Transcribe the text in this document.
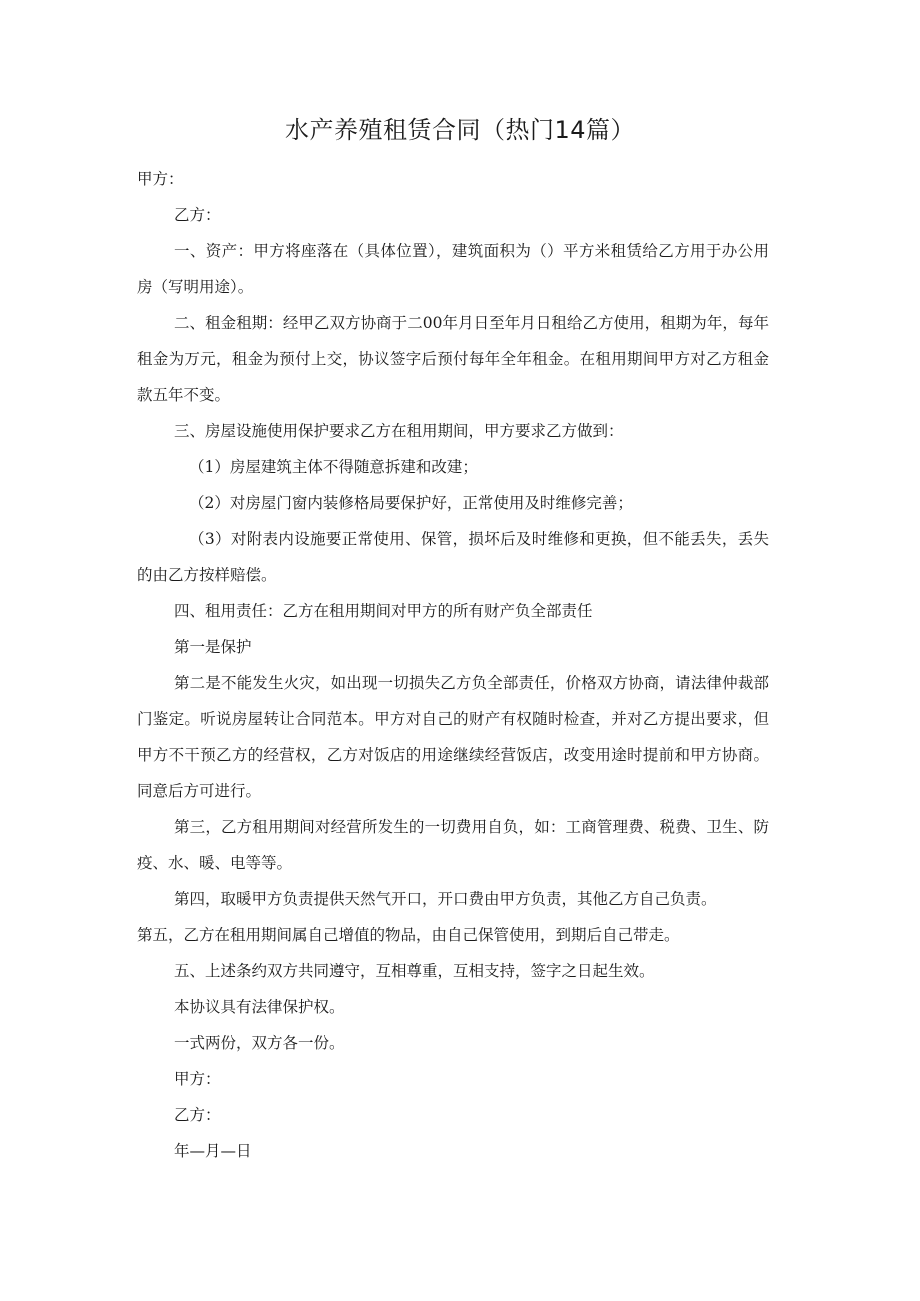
水产养殖租赁合同（热门14篇）

甲方：

乙方：

一、资产：甲方将座落在（具体位置），建筑面积为（）平方米租赁给乙方用于办公用房（写明用途）。

二、租金租期：经甲乙双方协商于二00年月日至年月日租给乙方使用，租期为年，每年租金为万元，租金为预付上交，协议签字后预付每年全年租金。在租用期间甲方对乙方租金款五年不变。

三、房屋设施使用保护要求乙方在租用期间，甲方要求乙方做到：

（1）房屋建筑主体不得随意拆建和改建；

（2）对房屋门窗内装修格局要保护好，正常使用及时维修完善；

（3）对附表内设施要正常使用、保管，损坏后及时维修和更换，但不能丢失，丢失的由乙方按样赔偿。

四、租用责任：乙方在租用期间对甲方的所有财产负全部责任

第一是保护

第二是不能发生火灾，如出现一切损失乙方负全部责任，价格双方协商，请法律仲裁部门鉴定。听说房屋转让合同范本。甲方对自己的财产有权随时检查，并对乙方提出要求，但甲方不干预乙方的经营权，乙方对饭店的用途继续经营饭店，改变用途时提前和甲方协商。同意后方可进行。

第三，乙方租用期间对经营所发生的一切费用自负，如：工商管理费、税费、卫生、防疫、水、暖、电等等。

第四，取暖甲方负责提供天然气开口，开口费由甲方负责，其他乙方自己负责。

第五，乙方在租用期间属自己增值的物品，由自己保管使用，到期后自己带走。

五、上述条约双方共同遵守，互相尊重，互相支持，签字之日起生效。

本协议具有法律保护权。

一式两份，双方各一份。

甲方：

乙方：

年—月—日
